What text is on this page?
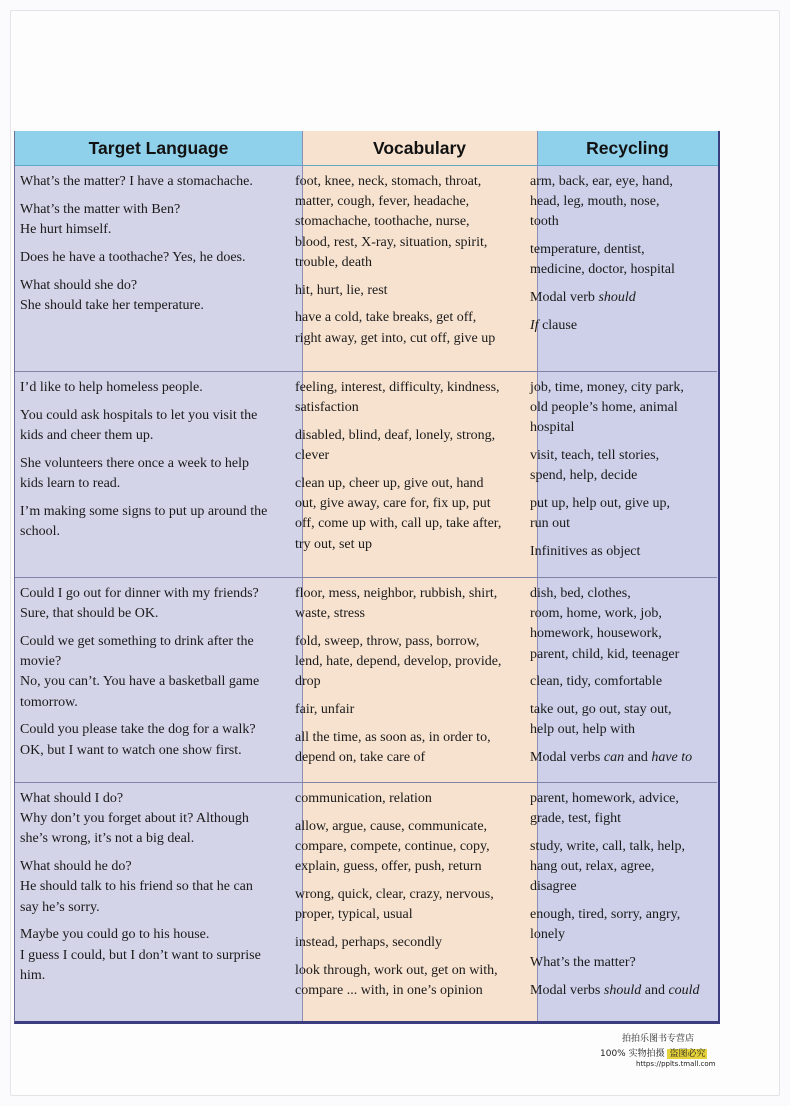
Target Language	Vocabulary	Recycling
What’s the matter? I have a stomachache.
What’s the matter with Ben?
He hurt himself.
Does he have a toothache? Yes, he does.
What should she do?
She should take her temperature.
foot, knee, neck, stomach, throat,
matter, cough, fever, headache,
stomachache, toothache, nurse,
blood, rest, X-ray, situation, spirit,
trouble, death
hit, hurt, lie, rest
have a cold, take breaks, get off,
right away, get into, cut off, give up
arm, back, ear, eye, hand,
head, leg, mouth, nose,
tooth
temperature, dentist,
medicine, doctor, hospital
Modal verb should
If clause
I’d like to help homeless people.
You could ask hospitals to let you visit the
kids and cheer them up.
She volunteers there once a week to help
kids learn to read.
I’m making some signs to put up around the
school.
feeling, interest, difficulty, kindness,
satisfaction
disabled, blind, deaf, lonely, strong,
clever
clean up, cheer up, give out, hand
out, give away, care for, fix up, put
off, come up with, call up, take after,
try out, set up
job, time, money, city park,
old people’s home, animal
hospital
visit, teach, tell stories,
spend, help, decide
put up, help out, give up,
run out
Infinitives as object
Could I go out for dinner with my friends?
Sure, that should be OK.
Could we get something to drink after the
movie?
No, you can’t. You have a basketball game
tomorrow.
Could you please take the dog for a walk?
OK, but I want to watch one show first.
floor, mess, neighbor, rubbish, shirt,
waste, stress
fold, sweep, throw, pass, borrow,
lend, hate, depend, develop, provide,
drop
fair, unfair
all the time, as soon as, in order to,
depend on, take care of
dish, bed, clothes,
room, home, work, job,
homework, housework,
parent, child, kid, teenager
clean, tidy, comfortable
take out, go out, stay out,
help out, help with
Modal verbs can and have to
What should I do?
Why don’t you forget about it? Although
she’s wrong, it’s not a big deal.
What should he do?
He should talk to his friend so that he can
say he’s sorry.
Maybe you could go to his house.
I guess I could, but I don’t want to surprise
him.
communication, relation
allow, argue, cause, communicate,
compare, compete, continue, copy,
explain, guess, offer, push, return
wrong, quick, clear, crazy, nervous,
proper, typical, usual
instead, perhaps, secondly
look through, work out, get on with,
compare ... with, in one’s opinion
parent, homework, advice,
grade, test, fight
study, write, call, talk, help,
hang out, relax, agree,
disagree
enough, tired, sorry, angry,
lonely
What’s the matter?
Modal verbs should and could
拍拍乐图书专营店
100% 实物拍摄 盗图必究
https://pplts.tmall.com
